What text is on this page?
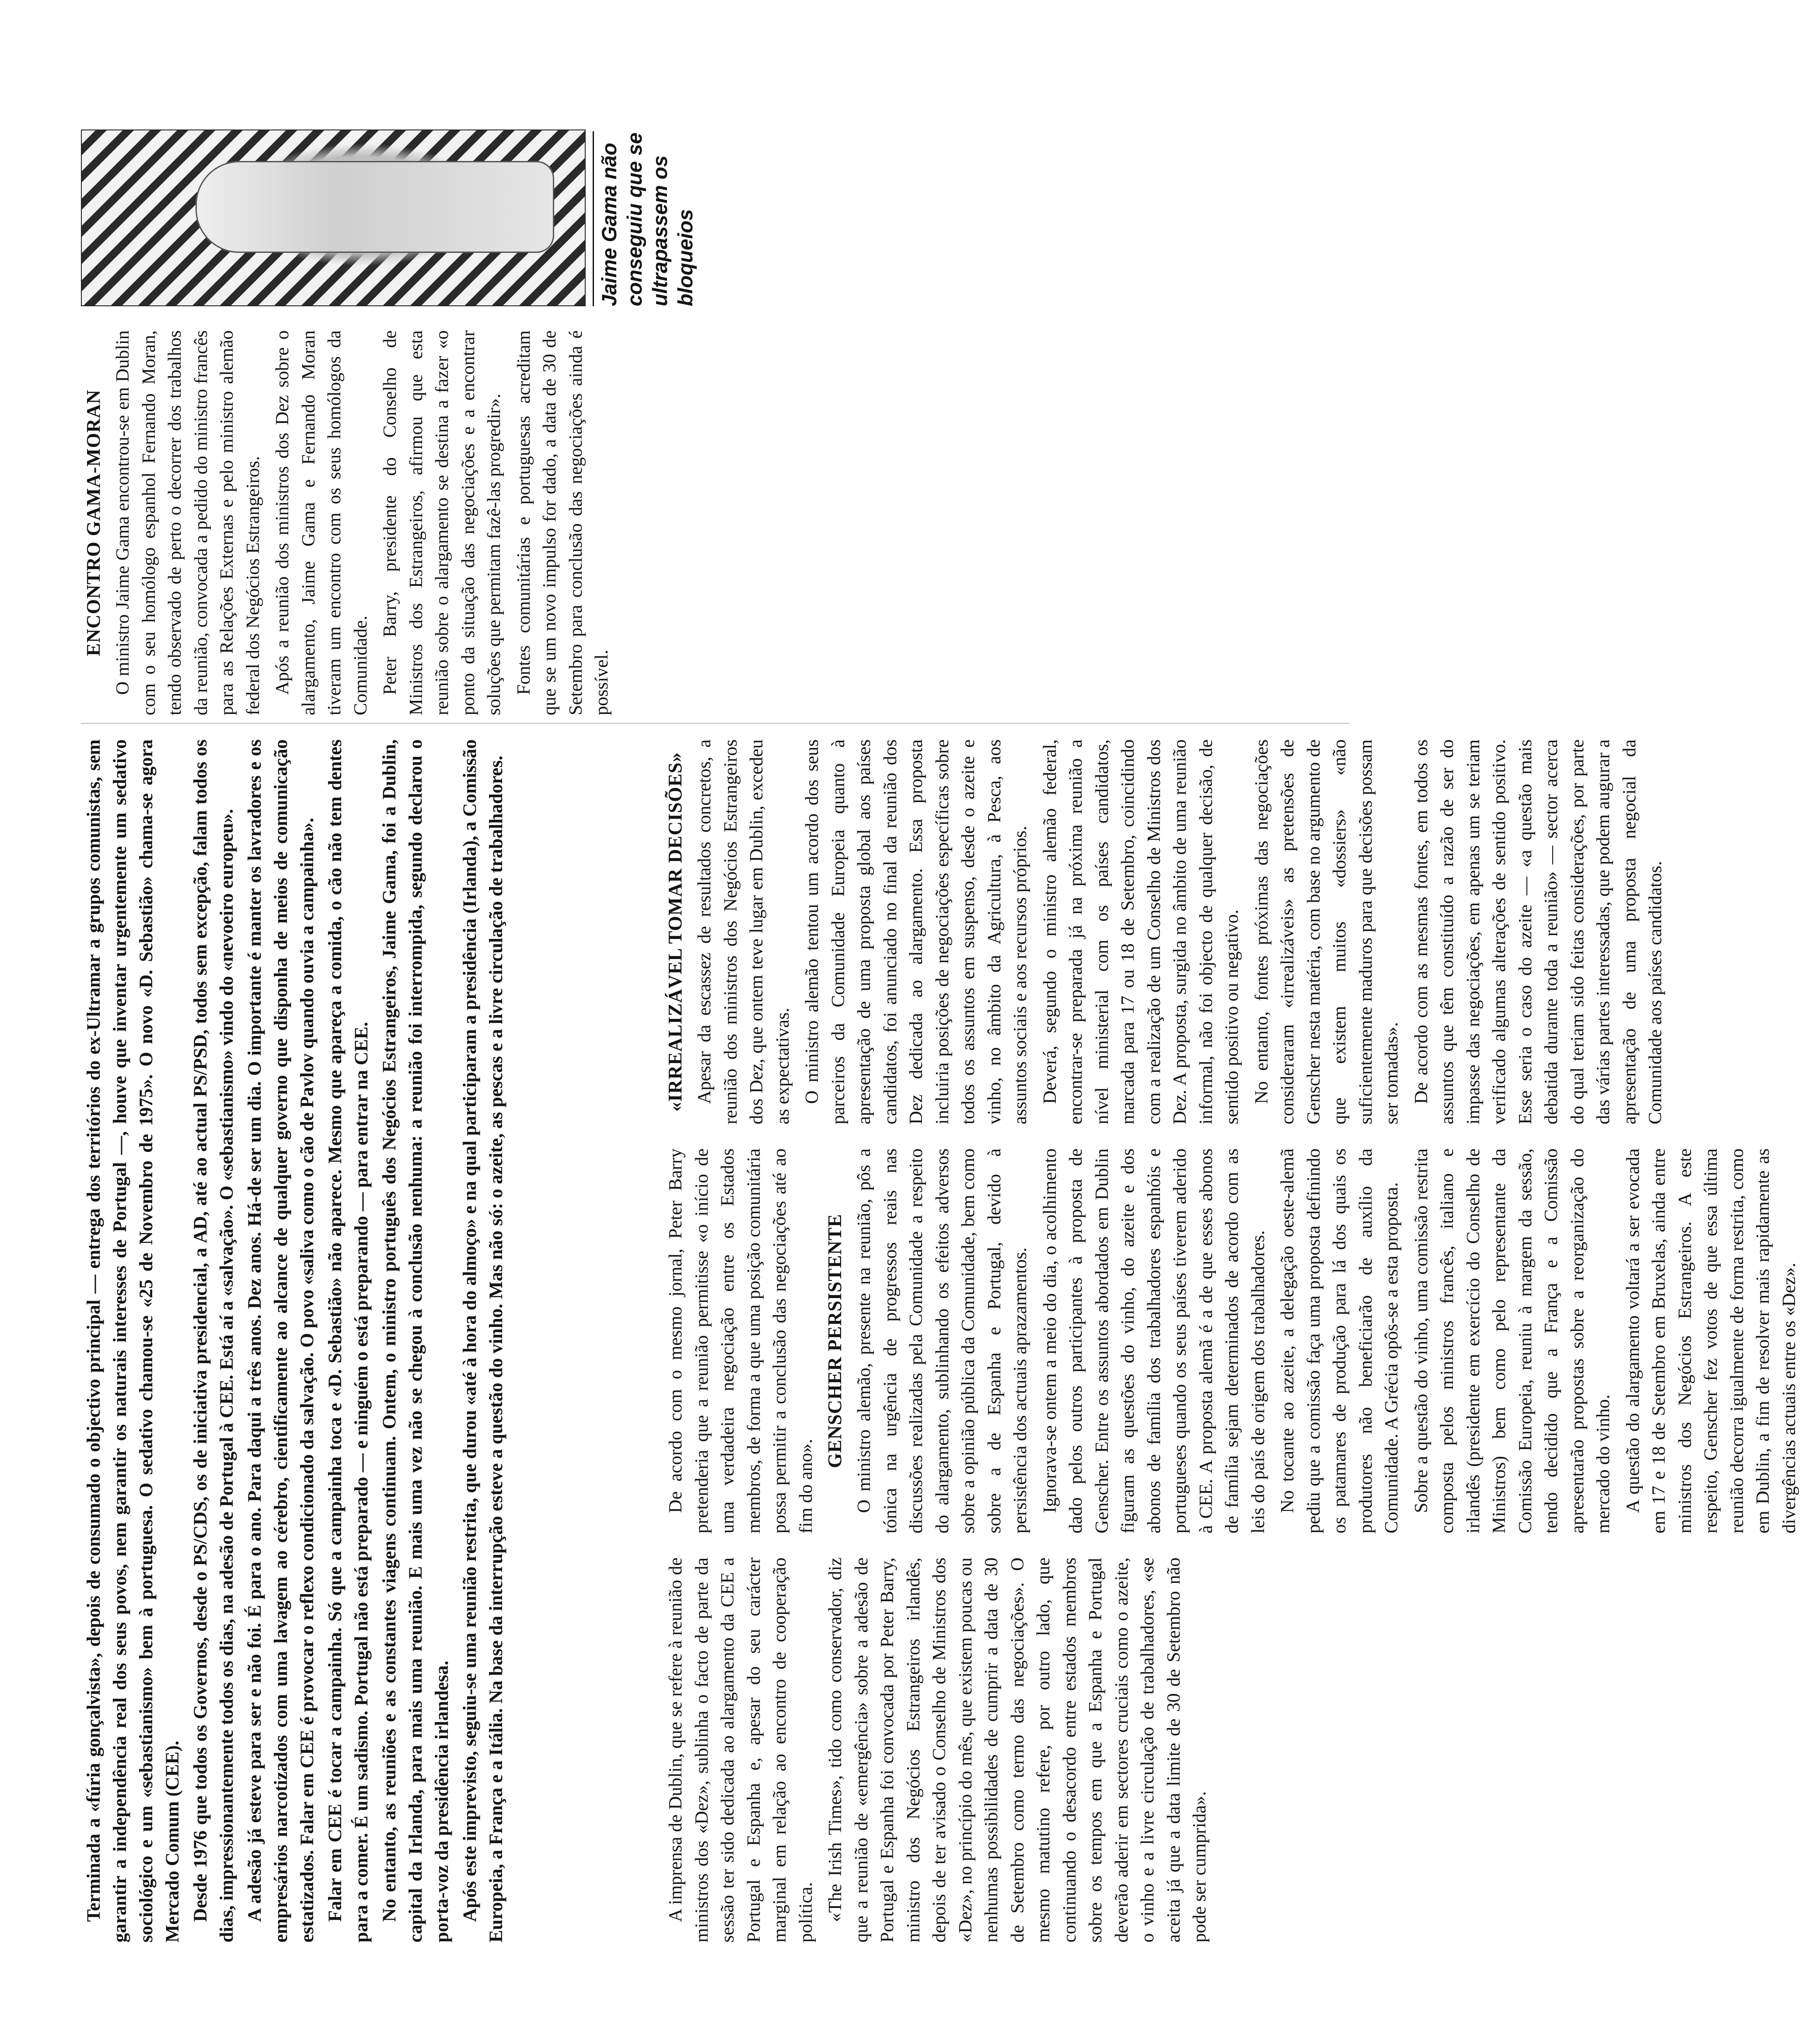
Terminada a «fúria gonçalvista», depois de consumado o objectivo principal — entrega dos territórios do ex-Ultramar a grupos comunistas, sem garantir a independência real dos seus povos, nem garantir os naturais interesses de Portugal —, houve que inventar urgentemente um sedativo sociológico e um «sebastianismo» bem à portuguesa. O sedativo chamou-se «25 de Novembro de 1975». O novo «D. Sebastião» chama-se agora Mercado Comum (CEE). Desde 1976 que todos os Governos, desde o PS/CDS, os de iniciativa presidencial, a AD, até ao actual PS/PSD, todos sem excepção, falam todos os dias, impressionantemente todos os dias, na adesão de Portugal à CEE. Está aí a «salvação». O «sebastianismo» vindo do «nevoeiro europeu». A adesão já esteve para ser e não foi. É para o ano. Para daqui a três anos. Dez anos. Há-de ser um dia. O importante é manter os lavradores e os empresários narcotizados com uma lavagem ao cérebro, cientificamente ao alcance de qualquer governo que disponha de meios de comunicação estatizados. Falar em CEE é provocar o reflexo condicionado da salvação. O povo «saliva como o cão de Pavlov quando ouvia a campainha». Falar em CEE é tocar a campainha. Só que a campainha toca e «D. Sebastião» não aparece. Mesmo que apareça a comida, o cão não tem dentes para a comer. É um sadismo. Portugal não está preparado — e ninguém o está preparando — para entrar na CEE. No entanto, as reuniões e as constantes viagens continuam. Ontem, o ministro português dos Negócios Estrangeiros, Jaime Gama, foi a Dublin, capital da Irlanda, para mais uma reunião. E mais uma vez não se chegou à conclusão nenhuma: a reunião foi interrompida, segundo declarou o porta-voz da presidência irlandesa. Após este imprevisto, seguiu-se uma reunião restrita, que durou «até à hora do almoço» e na qual participaram a presidência (Irlanda), a Comissão Europeia, a França e a Itália. Na base da interrupção esteve a questão do vinho. Mas não só: o azeite, as pescas e a livre circulação de trabalhadores.	A imprensa de Dublin, que se refere à reunião de ministros dos «Dez», sublinha o facto de parte da sessão ter sido dedicada ao alargamento da CEE a Portugal e Espanha e, apesar do seu carácter marginal em relação ao encontro de cooperação política. «The Irish Times», tido como conservador, diz que a reunião de «emergência» sobre a adesão de Portugal e Espanha foi convocada por Peter Barry, ministro dos Negócios Estrangeiros irlandês, depois de ter avisado o Conselho de Ministros dos «Dez», no princípio do mês, que existem poucas ou nenhumas possibilidades de cumprir a data de 30 de Setembro como termo das negociações». O mesmo matutino refere, por outro lado, que continuando o desacordo entre estados membros sobre os tempos em que a Espanha e Portugal deverão aderir em sectores cruciais como o azeite, o vinho e a livre circulação de trabalhadores, «se aceita já que a data limite de 30 de Setembro não pode ser cumprida».

De acordo com o mesmo jornal, Peter Barry pretenderia que a reunião permitisse «o início de uma verdadeira negociação entre os Estados membros, de forma a que uma posição comunitária possa permitir a conclusão das negociações até ao fim do ano».

GENSCHER PERSISTENTE O ministro alemão, presente na reunião, pôs a tónica na urgência de progressos reais nas discussões realizadas pela Comunidade a respeito do alargamento, sublinhando os efeitos adversos sobre a opinião pública da Comunidade, bem como sobre a de Espanha e Portugal, devido à persistência dos actuais aprazamentos. Ignorava-se ontem a meio do dia, o acolhimento dado pelos outros participantes à proposta de Genscher. Entre os assuntos abordados em Dublin figuram as questões do vinho, do azeite e dos abonos de família dos trabalhadores espanhóis e portugueses quando os seus países tiverem aderido à CEE. A proposta alemã é a de que esses abonos de família sejam determinados de acordo com as leis do país de origem dos trabalhadores. No tocante ao azeite, a delegação oeste-alemã pediu que a comissão faça uma proposta definindo os patamares de produção para lá dos quais os produtores não beneficiarão de auxílio da Comunidade. A Grécia opôs-se a esta proposta. Sobre a questão do vinho, uma comissão restrita composta pelos ministros francês, italiano e irlandês (presidente em exercício do Conselho de Ministros) bem como pelo representante da Comissão Europeia, reuniu à margem da sessão, tendo decidido que a França e a Comissão apresentarão propostas sobre a reorganização do mercado do vinho. A questão do alargamento voltará a ser evocada em 17 e 18 de Setembro em Bruxelas, ainda entre ministros dos Negócios Estrangeiros. A este respeito, Genscher fez votos de que essa última reunião decorra igualmente de forma restrita, como em Dublin, a fim de resolver mais rapidamente as divergências actuais entre os «Dez».

«IRREALIZÁVEL TOMAR DECISÕES» Apesar da escassez de resultados concretos, a reunião dos ministros dos Negócios Estrangeiros dos Dez, que ontem teve lugar em Dublin, excedeu as expectativas. O ministro alemão tentou um acordo dos seus parceiros da Comunidade Europeia quanto à apresentação de uma proposta global aos países candidatos, foi anunciado no final da reunião dos Dez dedicada ao alargamento. Essa proposta incluiria posições de negociações específicas sobre todos os assuntos em suspenso, desde o azeite e vinho, no âmbito da Agricultura, à Pesca, aos assuntos sociais e aos recursos próprios. Deverá, segundo o ministro alemão federal, encontrar-se preparada já na próxima reunião a nível ministerial com os países candidatos, marcada para 17 ou 18 de Setembro, coincidindo com a realização de um Conselho de Ministros dos Dez. A proposta, surgida no âmbito de uma reunião informal, não foi objecto de qualquer decisão, de sentido positivo ou negativo. No entanto, fontes próximas das negociações consideraram «irrealizáveis» as pretensões de Genscher nesta matéria, com base no argumento de que existem muitos «dossiers» «não suficientemente maduros para que decisões possam ser tomadas». De acordo com as mesmas fontes, em todos os assuntos que têm constituído a razão de ser do impasse das negociações, em apenas um se teriam verificado algumas alterações de sentido positivo. Esse seria o caso do azeite — «a questão mais debatida durante toda a reunião» — sector acerca do qual teriam sido feitas considerações, por parte das várias partes interessadas, que podem augurar a apresentação de uma proposta negocial da Comunidade aos países candidatos.

ENCONTRO GAMA-MORAN O ministro Jaime Gama encontrou-se em Dublin com o seu homólogo espanhol Fernando Moran, tendo observado de perto o decorrer dos trabalhos da reunião, convocada a pedido do ministro francês para as Relações Externas e pelo ministro alemão federal dos Negócios Estrangeiros. Após a reunião dos ministros dos Dez sobre o alargamento, Jaime Gama e Fernando Moran tiveram um encontro com os seus homólogos da Comunidade. Peter Barry, presidente do Conselho de Ministros dos Estrangeiros, afirmou que esta reunião sobre o alargamento se destina a fazer «o ponto da situação das negociações e a encontrar soluções que permitam fazê-las progredir». Fontes comunitárias e portuguesas acreditam que se um novo impulso for dado, a data de 30 de Setembro para conclusão das negociações ainda é possível.

Jaime Gama não conseguiu que se ultrapassem os bloqueios
